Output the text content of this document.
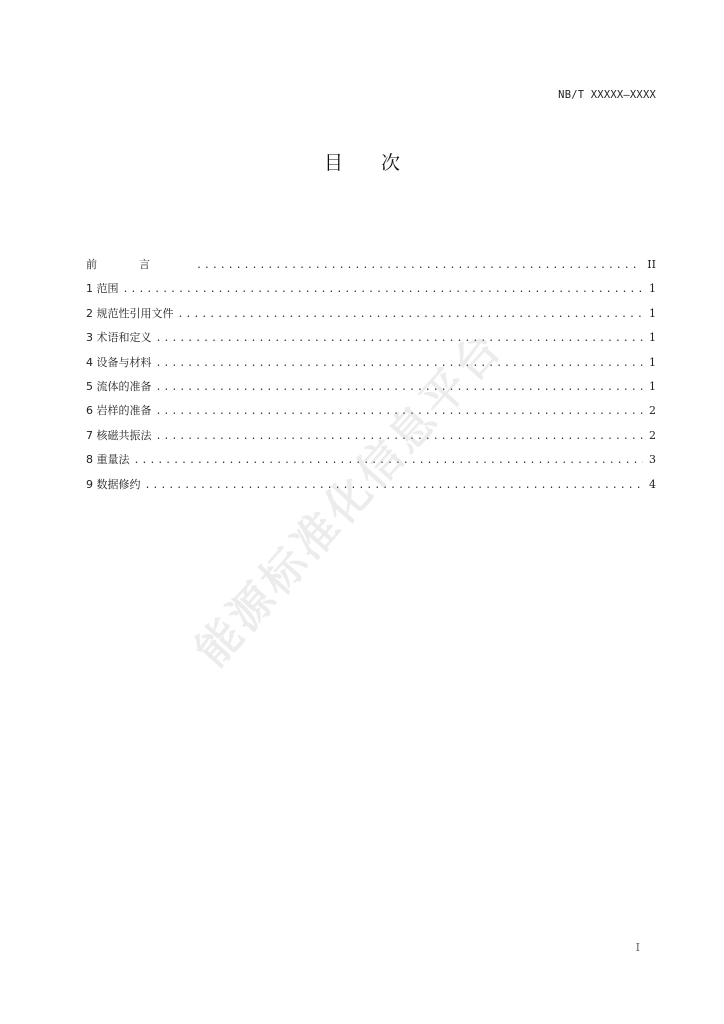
NB/T XXXXX—XXXX
目次
前言 .....	II
1 范围 .....	1
2 规范性引用文件 .....	1
3 术语和定义 .....	1
4 设备与材料 .....	1
5 流体的准备 .....	1
6 岩样的准备 .....	2
7 核磁共振法 .....	2
8 重量法 .....	3
9 数据修约 .....	4
能源标准化信息平台
I
